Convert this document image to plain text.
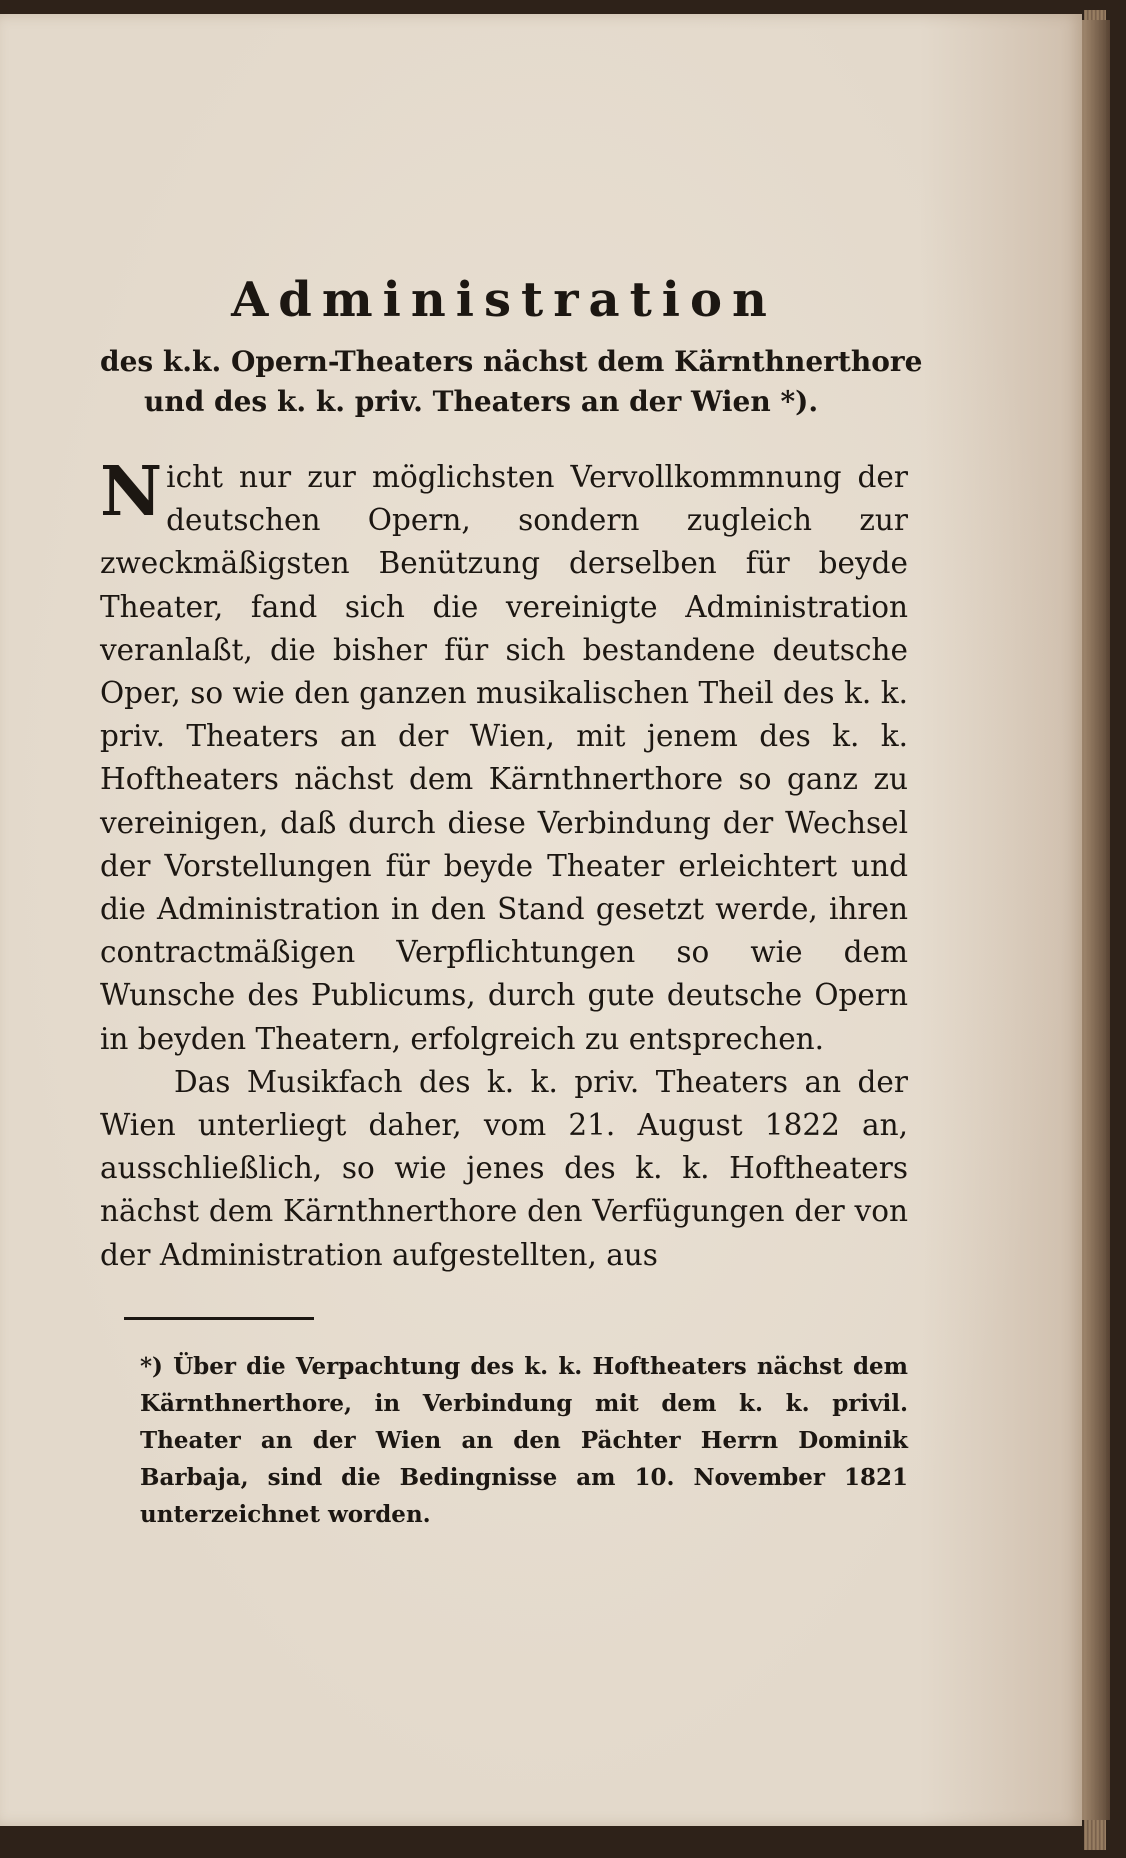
Administration

des k.k. Opern-Theaters nächst dem Kärnthnerthore

und des k. k. priv. Theaters an der Wien *).

Nicht nur zur möglichsten Vervollkommnung der deutschen Opern, sondern zugleich zur zweckmäßigsten Benützung derselben für beyde Theater, fand sich die vereinigte Administration veranlaßt, die bisher für sich bestandene deutsche Oper, so wie den ganzen musikalischen Theil des k. k. priv. Theaters an der Wien, mit jenem des k. k. Hoftheaters nächst dem Kärnthnerthore so ganz zu vereinigen, daß durch diese Verbindung der Wechsel der Vorstellungen für beyde Theater erleichtert und die Administration in den Stand gesetzt werde, ihren contractmäßigen Verpflichtungen so wie dem Wunsche des Publicums, durch gute deutsche Opern in beyden Theatern, erfolgreich zu entsprechen.

Das Musikfach des k. k. priv. Theaters an der Wien unterliegt daher, vom 21. August 1822 an, ausschließlich, so wie jenes des k. k. Hoftheaters nächst dem Kärnthnerthore den Verfügungen der von der Administration aufgestellten, aus

*) Über die Verpachtung des k. k. Hoftheaters nächst dem Kärnthnerthore, in Verbindung mit dem k. k. privil. Theater an der Wien an den Pächter Herrn Dominik Barbaja, sind die Bedingnisse am 10. November 1821 unterzeichnet worden.
